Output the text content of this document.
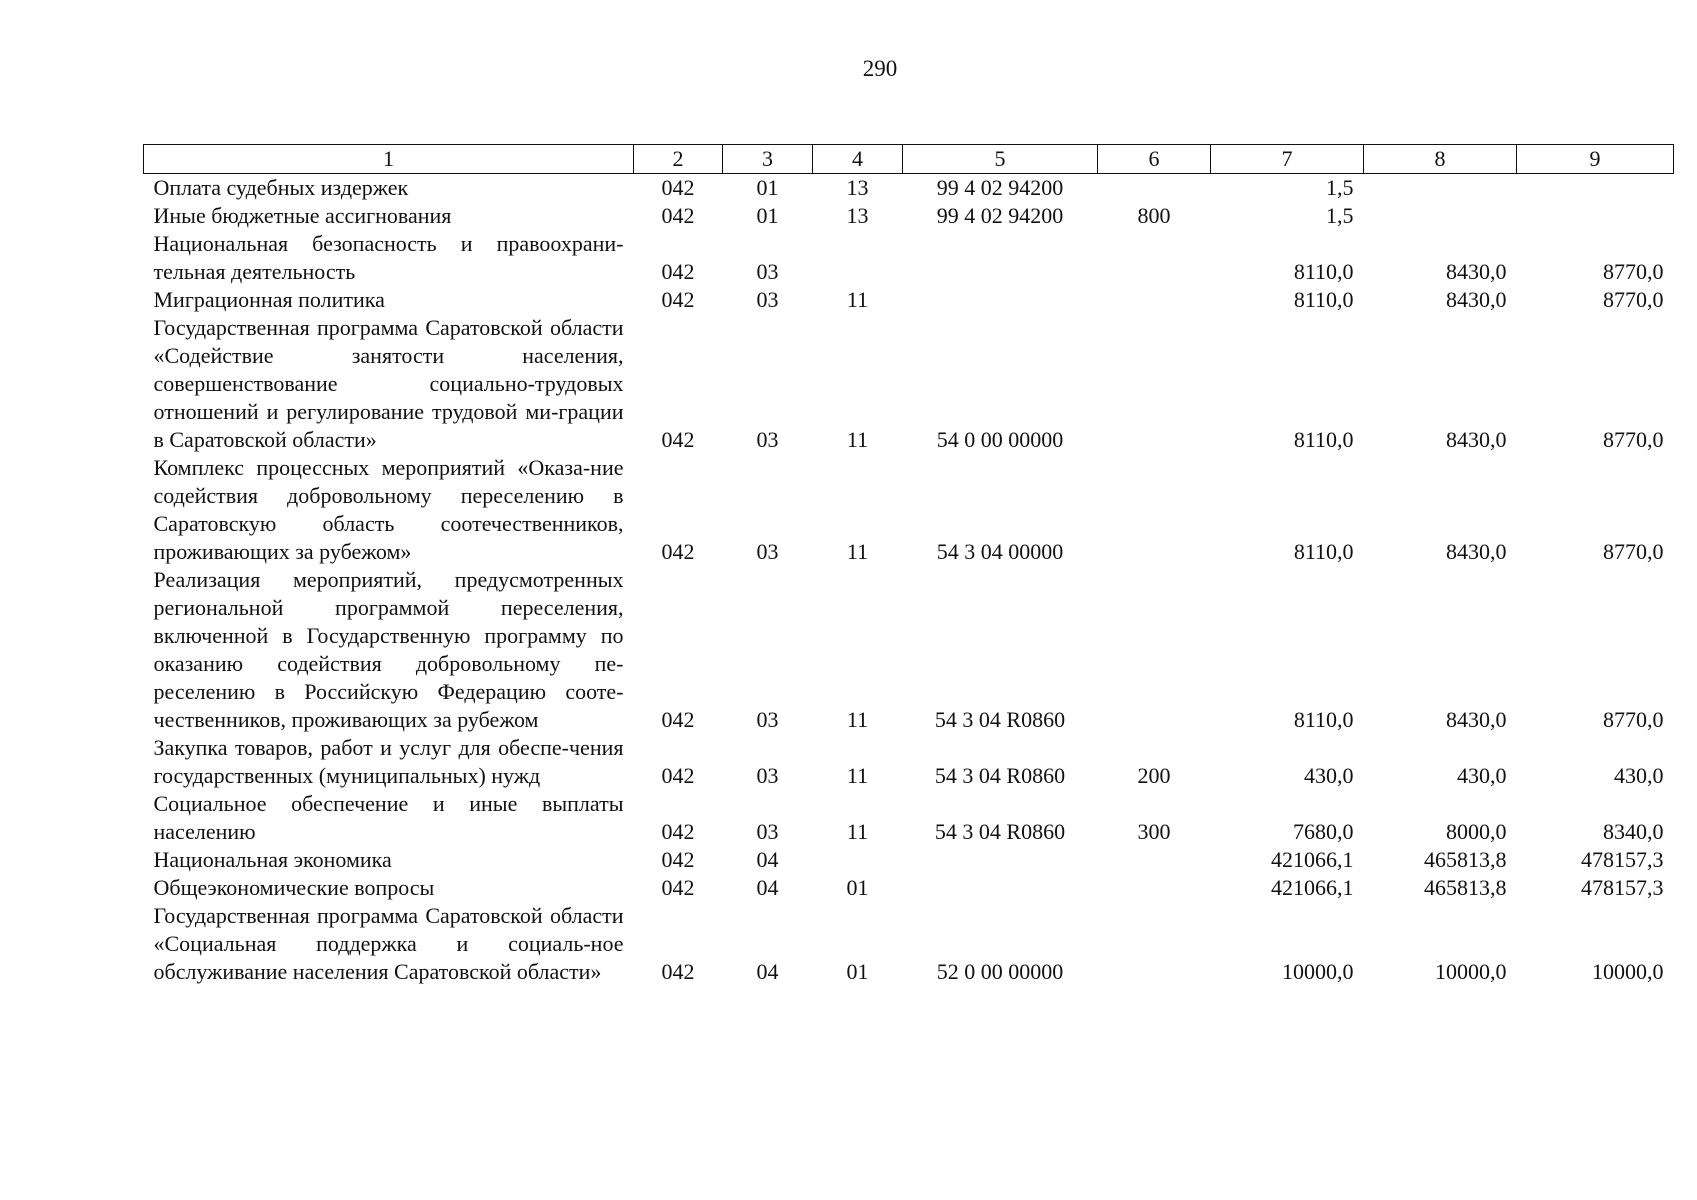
290
1	2	3	4	5	6	7	8	9
Оплата судебных издержек	042	01	13	99 4 02 94200		1,5		
Иные бюджетные ассигнования	042	01	13	99 4 02 94200	800	1,5		
Национальная безопасность и правоохрани-тельная деятельность	042	03				8110,0	8430,0	8770,0
Миграционная политика	042	03	11			8110,0	8430,0	8770,0
Государственная программа Саратовской области «Содействие занятости населения, совершенствование социально-трудовых отношений и регулирование трудовой ми-грации в Саратовской области»	042	03	11	54 0 00 00000		8110,0	8430,0	8770,0
Комплекс процессных мероприятий «Оказа-ние содействия добровольному переселению в Саратовскую область соотечественников, проживающих за рубежом»	042	03	11	54 3 04 00000		8110,0	8430,0	8770,0
Реализация мероприятий, предусмотренных региональной программой переселения, включенной в Государственную программу по оказанию содействия добровольному пе-реселению в Российскую Федерацию сооте-чественников, проживающих за рубежом	042	03	11	54 3 04 R0860		8110,0	8430,0	8770,0
Закупка товаров, работ и услуг для обеспе-чения государственных (муниципальных) нужд	042	03	11	54 3 04 R0860	200	430,0	430,0	430,0
Социальное обеспечение и иные выплаты населению	042	03	11	54 3 04 R0860	300	7680,0	8000,0	8340,0
Национальная экономика	042	04				421066,1	465813,8	478157,3
Общеэкономические вопросы	042	04	01			421066,1	465813,8	478157,3
Государственная программа Саратовской области «Социальная поддержка и социаль-ное обслуживание населения Саратовской области»	042	04	01	52 0 00 00000		10000,0	10000,0	10000,0
